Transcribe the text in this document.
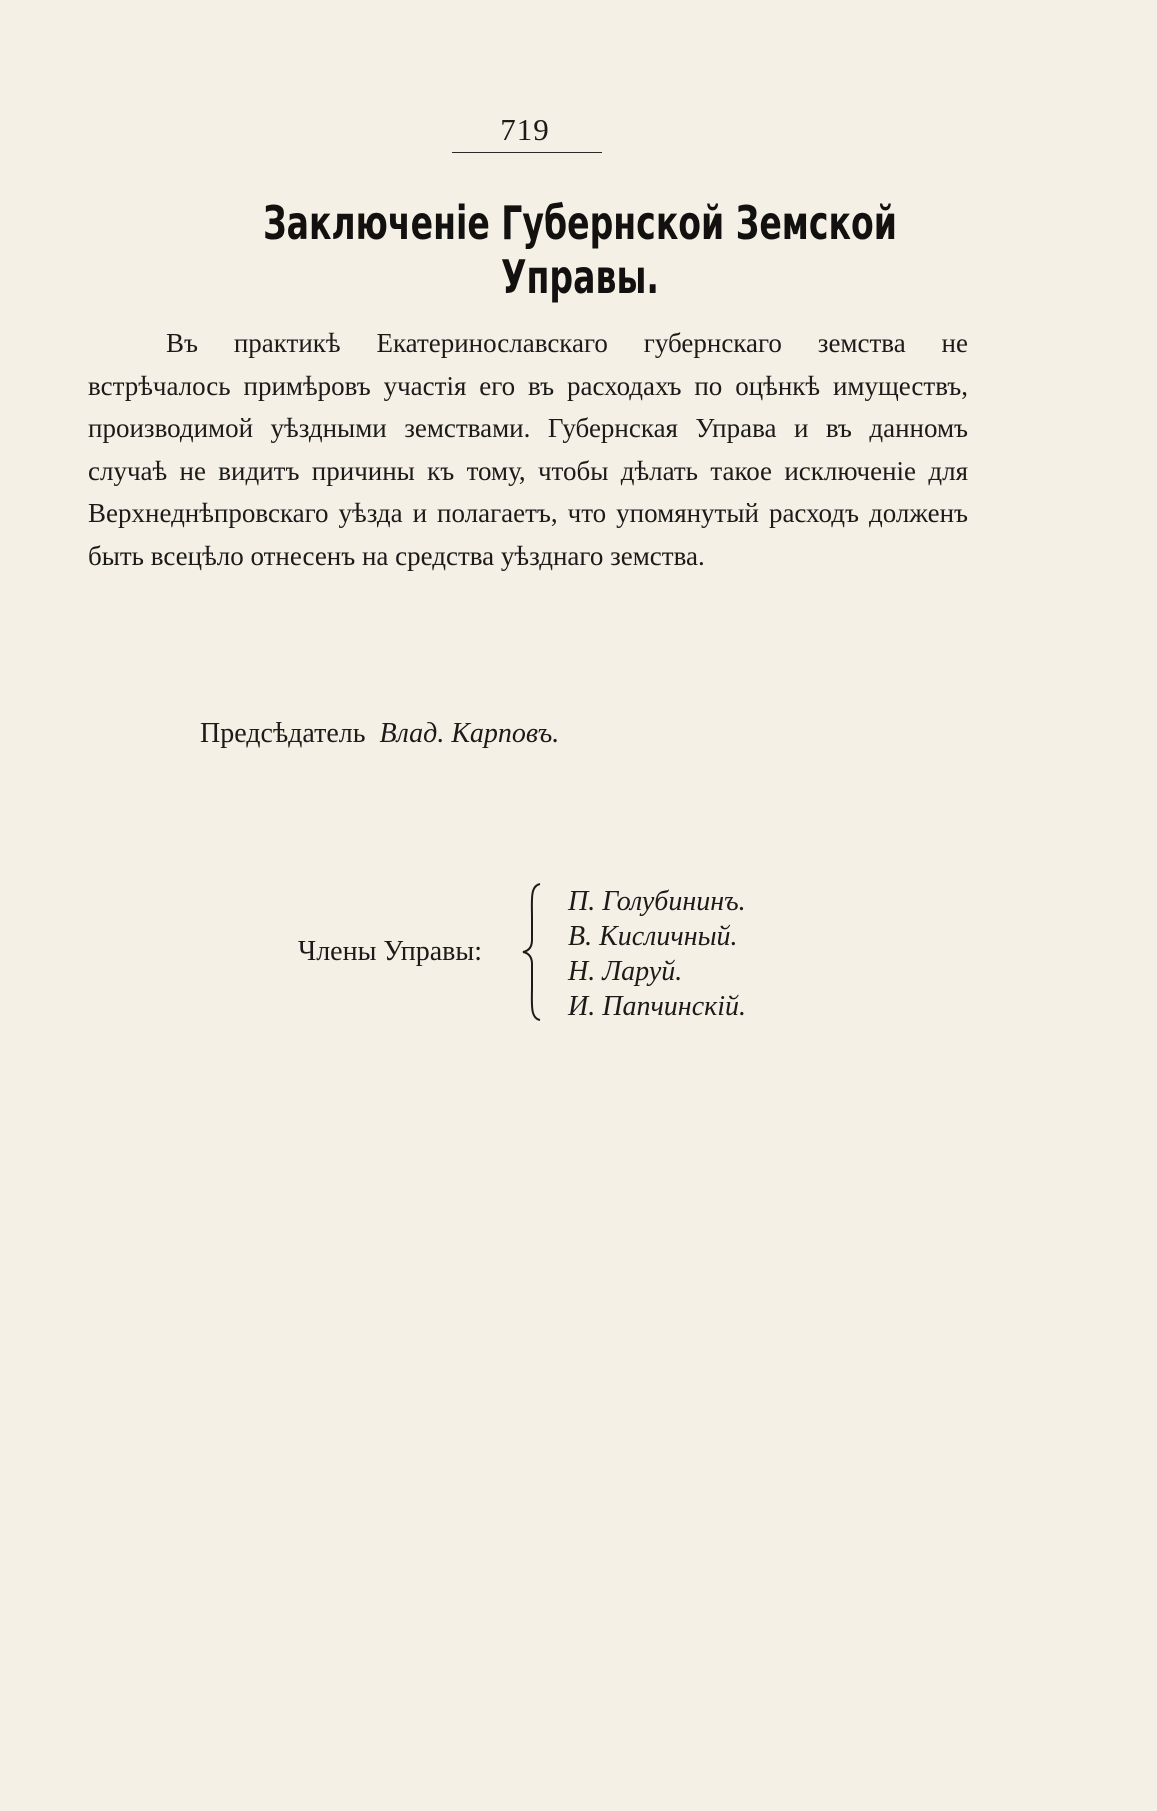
719
Заключенiе Губернской Земской Управы.

Въ практикѣ Екатеринославскаго губернскаго земства не встрѣчалось примѣровъ участiя его въ расходахъ по оцѣнкѣ имуществъ, производимой уѣздными земствами. Губернская Управа и въ данномъ случаѣ не видитъ причины къ тому, чтобы дѣлать такое исключенiе для Верхнеднѣпровскаго уѣзда и полагаетъ, что упомянутый расходъ долженъ быть всецѣло отнесенъ на средства уѣзднаго земства.

Предсѣдатель Влад. Карповъ.
Члены Управы:
П. Голубининъ.
В. Кисличный.
Н. Ларуй.
И. Папчинскiй.
